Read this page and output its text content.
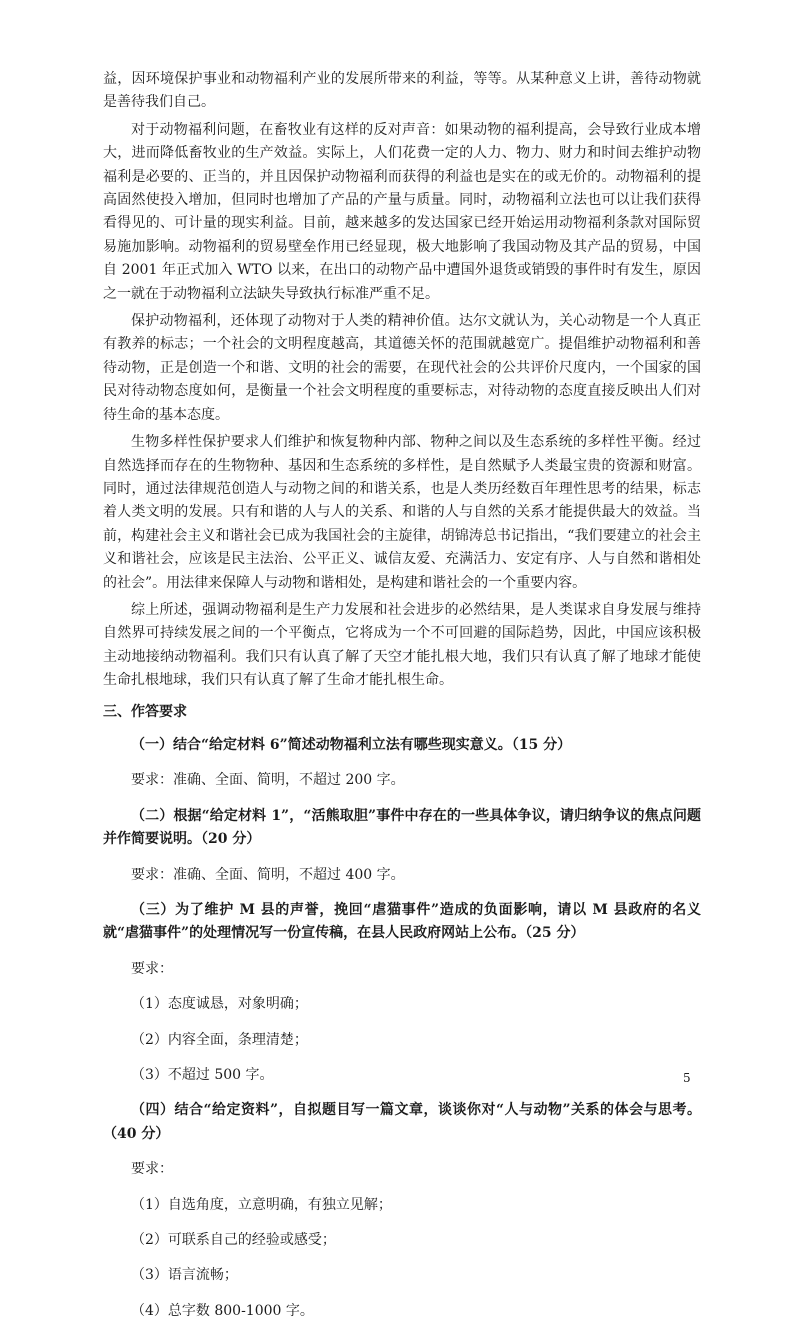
益，因环境保护事业和动物福利产业的发展所带来的利益，等等。从某种意义上讲，善待动物就是善待我们自己。

对于动物福利问题，在畜牧业有这样的反对声音：如果动物的福利提高，会导致行业成本增大，进而降低畜牧业的生产效益。实际上，人们花费一定的人力、物力、财力和时间去维护动物福利是必要的、正当的，并且因保护动物福利而获得的利益也是实在的或无价的。动物福利的提高固然使投入增加，但同时也增加了产品的产量与质量。同时，动物福利立法也可以让我们获得看得见的、可计量的现实利益。目前，越来越多的发达国家已经开始运用动物福利条款对国际贸易施加影响。动物福利的贸易壁垒作用已经显现，极大地影响了我国动物及其产品的贸易，中国自 2001 年正式加入 WTO 以来，在出口的动物产品中遭国外退货或销毁的事件时有发生，原因之一就在于动物福利立法缺失导致执行标准严重不足。

保护动物福利，还体现了动物对于人类的精神价值。达尔文就认为，关心动物是一个人真正有教养的标志；一个社会的文明程度越高，其道德关怀的范围就越宽广。提倡维护动物福利和善待动物，正是创造一个和谐、文明的社会的需要，在现代社会的公共评价尺度内，一个国家的国民对待动物态度如何，是衡量一个社会文明程度的重要标志，对待动物的态度直接反映出人们对待生命的基本态度。

生物多样性保护要求人们维护和恢复物种内部、物种之间以及生态系统的多样性平衡。经过自然选择而存在的生物物种、基因和生态系统的多样性，是自然赋予人类最宝贵的资源和财富。同时，通过法律规范创造人与动物之间的和谐关系，也是人类历经数百年理性思考的结果，标志着人类文明的发展。只有和谐的人与人的关系、和谐的人与自然的关系才能提供最大的效益。当前，构建社会主义和谐社会已成为我国社会的主旋律，胡锦涛总书记指出，“我们要建立的社会主义和谐社会，应该是民主法治、公平正义、诚信友爱、充满活力、安定有序、人与自然和谐相处的社会”。用法律来保障人与动物和谐相处，是构建和谐社会的一个重要内容。

综上所述，强调动物福利是生产力发展和社会进步的必然结果，是人类谋求自身发展与维持自然界可持续发展之间的一个平衡点，它将成为一个不可回避的国际趋势，因此，中国应该积极主动地接纳动物福利。我们只有认真了解了天空才能扎根大地，我们只有认真了解了地球才能使生命扎根地球，我们只有认真了解了生命才能扎根生命。

三、作答要求

（一）结合“给定材料 6”简述动物福利立法有哪些现实意义。（15 分）

要求：准确、全面、简明，不超过 200 字。

（二）根据“给定材料 1”，“活熊取胆”事件中存在的一些具体争议，请归纳争议的焦点问题并作简要说明。（20 分）

要求：准确、全面、简明，不超过 400 字。

（三）为了维护 M 县的声誉，挽回“虐猫事件”造成的负面影响，请以 M 县政府的名义就“虐猫事件”的处理情况写一份宣传稿，在县人民政府网站上公布。（25 分）

要求：

（1）态度诚恳，对象明确；

（2）内容全面，条理清楚；

（3）不超过 500 字。

（四）结合“给定资料”，自拟题目写一篇文章，谈谈你对“人与动物”关系的体会与思考。（40 分）

要求：

（1）自选角度，立意明确，有独立见解；

（2）可联系自己的经验或感受；

（3）语言流畅；

（4）总字数 800-1000 字。

5
